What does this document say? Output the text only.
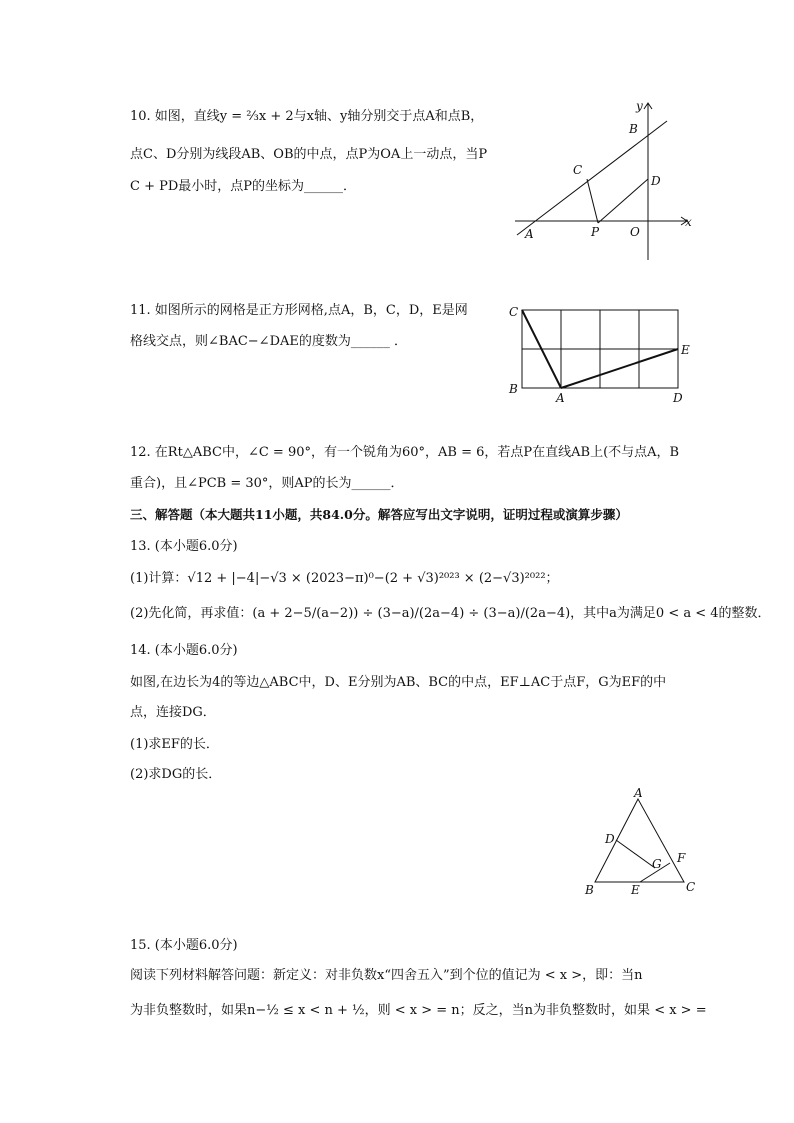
10. 如图，直线y = ⅔x + 2与x轴、y轴分别交于点A和点B，
点C、D分别为线段AB、OB的中点，点P为OA上一动点，当P
C + PD最小时，点P的坐标为______．
y
x
B
C
D
A	P	O
11. 如图所示的网格是正方形网格,点A，B，C，D，E是网
格线交点，则∠BAC−∠DAE的度数为______ ．
C
E
B
A	D
12. 在Rt△ABC中，∠C = 90°，有一个锐角为60°，AB = 6，若点P在直线AB上(不与点A，B
重合)，且∠PCB = 30°，则AP的长为______．
三、解答题（本大题共11小题，共84.0分。解答应写出文字说明，证明过程或演算步骤）
13. (本小题6.0分)
(1)计算：√12 + |−4|−√3 × (2023−π)⁰−(2 + √3)²⁰²³ × (2−√3)²⁰²²；
(2)先化简，再求值：(a + 2−5/(a−2)) ÷ (3−a)/(2a−4) ÷ (3−a)/(2a−4)，其中a为满足0 < a < 4的整数．
14. (本小题6.0分)
如图,在边长为4的等边△ABC中，D、E分别为AB、BC的中点，EF⊥AC于点F，G为EF的中
点，连接DG．
(1)求EF的长．
(2)求DG的长．
A
D
G F
B	E	C
15. (本小题6.0分)
阅读下列材料解答问题：新定义：对非负数x“四舍五入”到个位的值记为 < x >，即：当n
为非负整数时，如果n−½ ≤ x < n + ½，则 < x > = n；反之，当n为非负整数时，如果 < x > =
